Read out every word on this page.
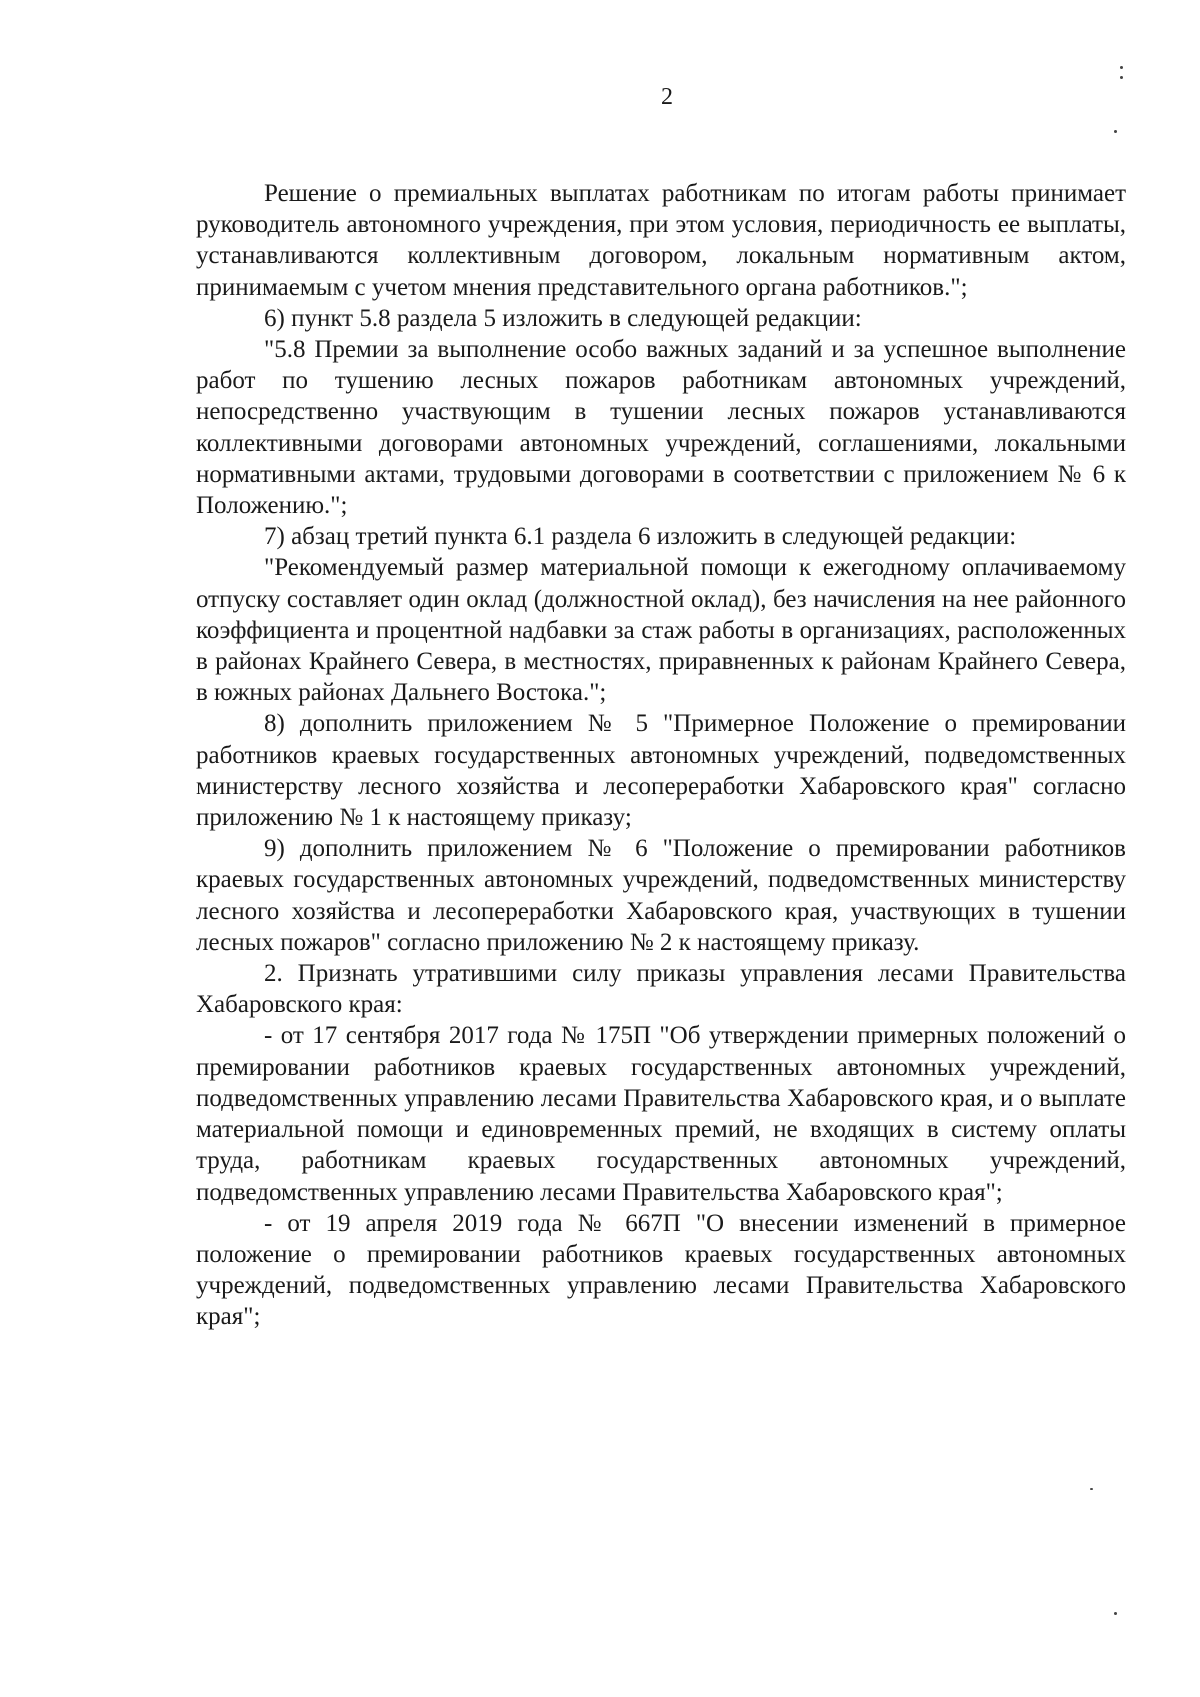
2

Решение о премиальных выплатах работникам по итогам работы принимает руководитель автономного учреждения, при этом условия, периодичность ее выплаты, устанавливаются коллективным договором, локальным нормативным актом, принимаемым с учетом мнения представительного органа работников.";

6) пункт 5.8 раздела 5 изложить в следующей редакции:

"5.8 Премии за выполнение особо важных заданий и за успешное выполнение работ по тушению лесных пожаров работникам автономных учреждений, непосредственно участвующим в тушении лесных пожаров устанавливаются коллективными договорами автономных учреждений, соглашениями, локальными нормативными актами, трудовыми договорами в соответствии с приложением № 6 к Положению.";

7) абзац третий пункта 6.1 раздела 6 изложить в следующей редакции:

"Рекомендуемый размер материальной помощи к ежегодному оплачиваемому отпуску составляет один оклад (должностной оклад), без начисления на нее районного коэффициента и процентной надбавки за стаж работы в организациях, расположенных в районах Крайнего Севера, в местностях, приравненных к районам Крайнего Севера, в южных районах Дальнего Востока.";

8) дополнить приложением № 5 "Примерное Положение о премировании работников краевых государственных автономных учреждений, подведомственных министерству лесного хозяйства и лесопереработки Хабаровского края" согласно приложению № 1 к настоящему приказу;

9) дополнить приложением № 6 "Положение о премировании работников краевых государственных автономных учреждений, подведомственных министерству лесного хозяйства и лесопереработки Хабаровского края, участвующих в тушении лесных пожаров" согласно приложению № 2 к настоящему приказу.

2. Признать утратившими силу приказы управления лесами Правительства Хабаровского края:

- от 17 сентября 2017 года № 175П "Об утверждении примерных положений о премировании работников краевых государственных автономных учреждений, подведомственных управлению лесами Правительства Хабаровского края, и о выплате материальной помощи и единовременных премий, не входящих в систему оплаты труда, работникам краевых государственных автономных учреждений, подведомственных управлению лесами Правительства Хабаровского края";

- от 19 апреля 2019 года № 667П "О внесении изменений в примерное положение о премировании работников краевых государственных автономных учреждений, подведомственных управлению лесами Правительства Хабаровского края";
